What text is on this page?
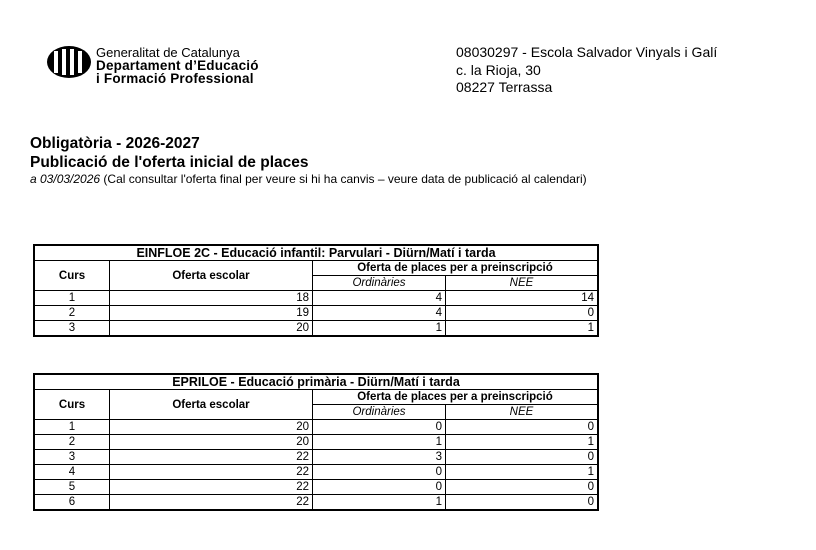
Generalitat de Catalunya
Departament d’Educació
i Formació Professional
08030297 - Escola Salvador Vinyals i Galí
c. la Rioja, 30
08227 Terrassa
Obligatòria - 2026-2027
Publicació de l'oferta inicial de places
a 03/03/2026 (Cal consultar l'oferta final per veure si hi ha canvis – veure data de publicació al calendari)
EINFLOE 2C - Educació infantil: Parvulari - Diürn/Matí i tarda			
Curs	Oferta escolar	Oferta de places per a preinscripció	
		Ordinàries	NEE
1	18	4	14
2	19	4	0
3	20	1	1
EPRILOE - Educació primària - Diürn/Matí i tarda			
Curs	Oferta escolar	Oferta de places per a preinscripció	
		Ordinàries	NEE
1	20	0	0
2	20	1	1
3	22	3	0
4	22	0	1
5	22	0	0
6	22	1	0
